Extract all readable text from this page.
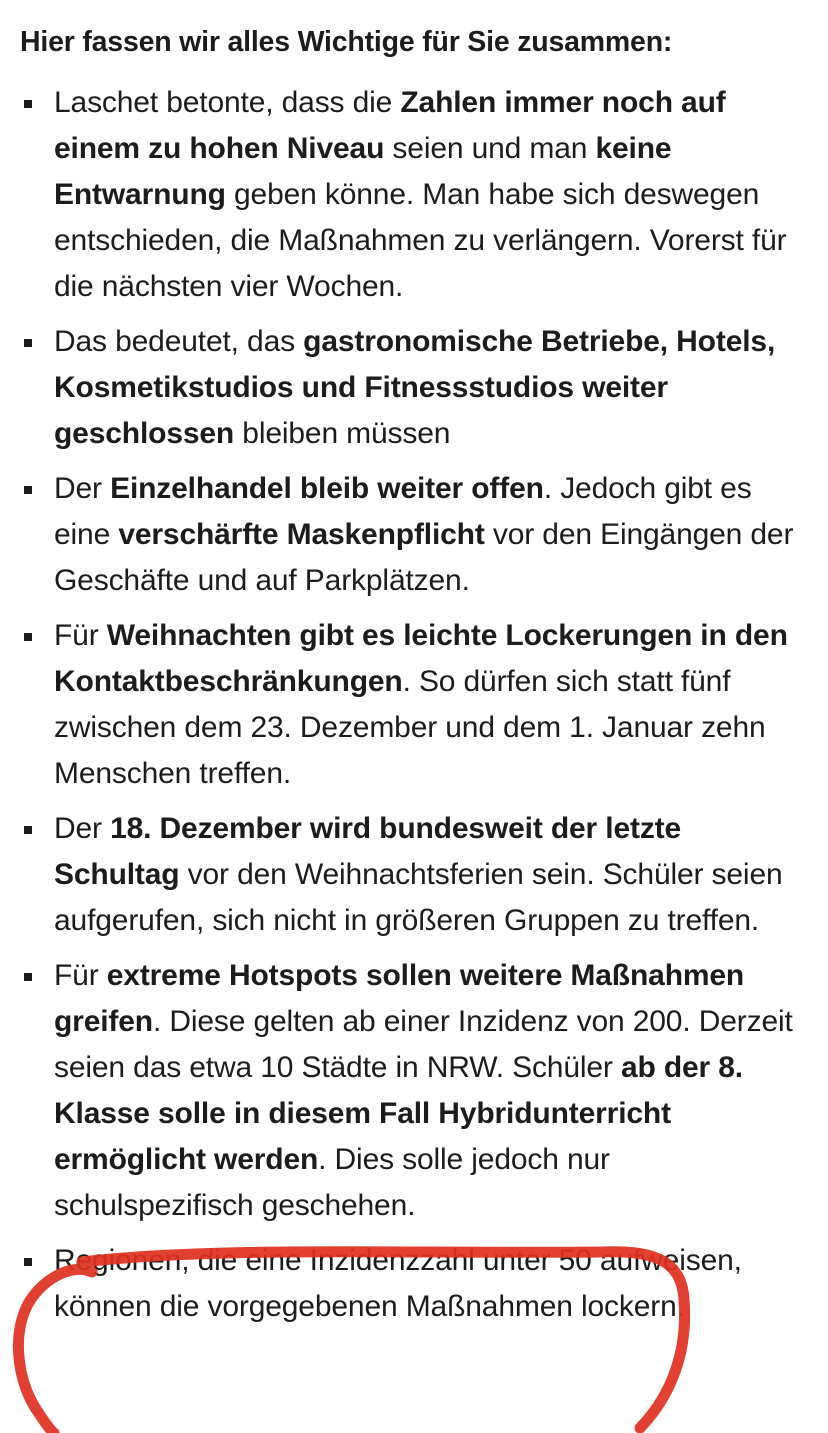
Hier fassen wir alles Wichtige für Sie zusammen:
Laschet betonte, dass die Zahlen immer noch auf einem zu hohen Niveau seien und man keine Entwarnung geben könne. Man habe sich deswegen entschieden, die Maßnahmen zu verlängern. Vorerst für die nächsten vier Wochen.
Das bedeutet, das gastronomische Betriebe, Hotels, Kosmetikstudios und Fitnessstudios weiter geschlossen bleiben müssen
Der Einzelhandel bleib weiter offen. Jedoch gibt es eine verschärfte Maskenpflicht vor den Eingängen der Geschäfte und auf Parkplätzen.
Für Weihnachten gibt es leichte Lockerungen in den Kontaktbeschränkungen. So dürfen sich statt fünf zwischen dem 23. Dezember und dem 1. Januar zehn Menschen treffen.
Der 18. Dezember wird bundesweit der letzte Schultag vor den Weihnachtsferien sein. Schüler seien aufgerufen, sich nicht in größeren Gruppen zu treffen.
Für extreme Hotspots sollen weitere Maßnahmen greifen. Diese gelten ab einer Inzidenz von 200. Derzeit seien das etwa 10 Städte in NRW. Schüler ab der 8. Klasse solle in diesem Fall Hybridunterricht ermöglicht werden. Dies solle jedoch nur schulspezifisch geschehen.
Regionen, die eine Inzidenzzahl unter 50 aufweisen, können die vorgegebenen Maßnahmen lockern.
